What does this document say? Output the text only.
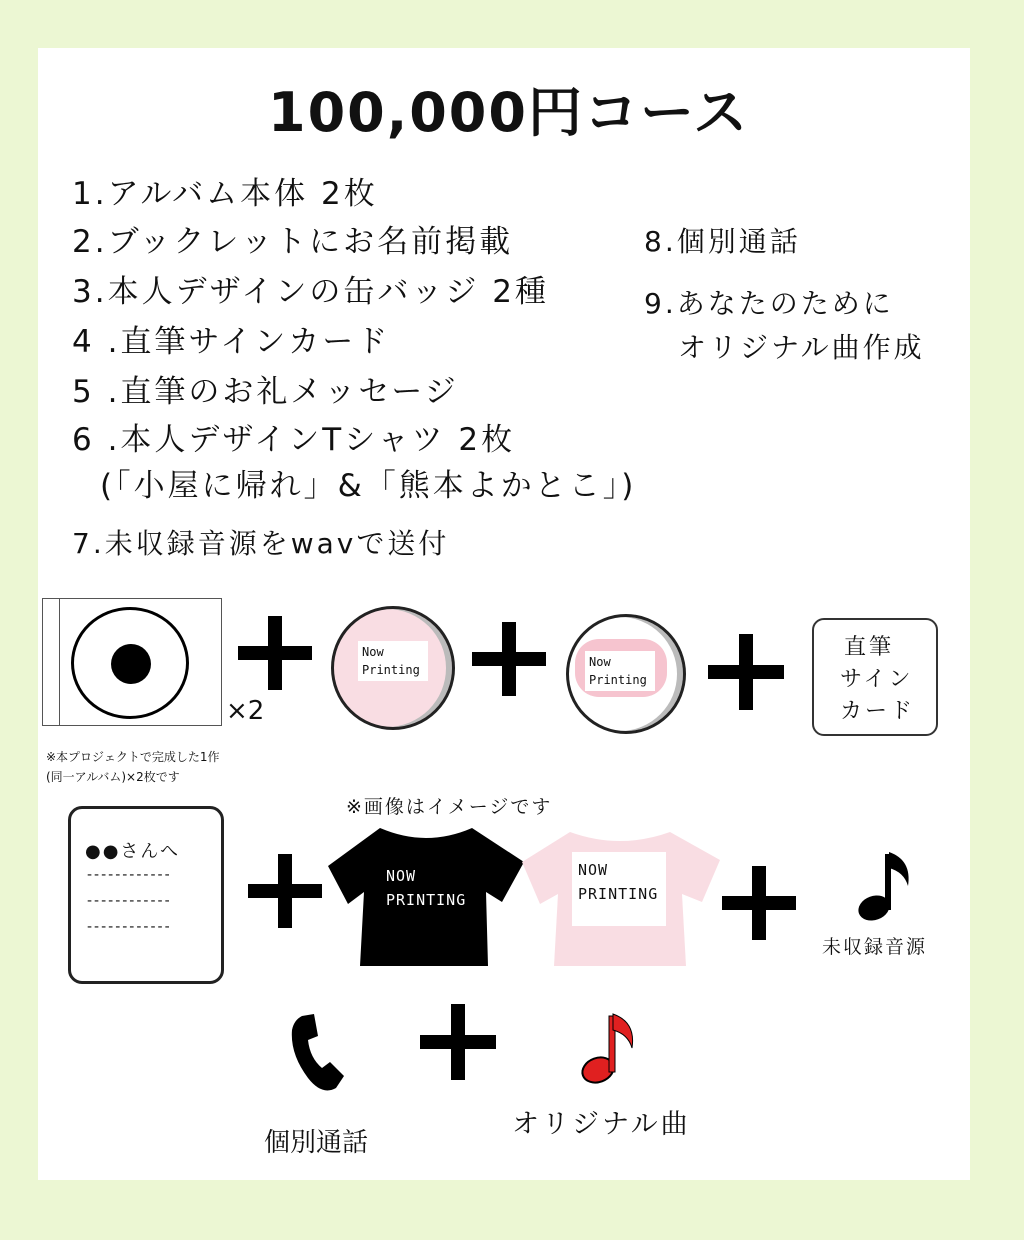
100,000円コース
1.アルバム本体 2枚
2.ブックレットにお名前掲載
3.本人デザインの缶バッジ 2種
4 .直筆サインカード
5 .直筆のお礼メッセージ
6 .本人デザインTシャツ 2枚
(「小屋に帰れ」&「熊本よかとこ」)
7.未収録音源をwavで送付
8.個別通話
9.あなたのために
オリジナル曲作成
×2
※本プロジェクトで完成した1作
(同一アルバム)×2枚です
Now
Printing
Now
Printing
直筆
サイン
カード
※画像はイメージです
●●さんへ
------------
------------
------------
NOW
PRINTING
NOW
PRINTING
未収録音源
個別通話
オリジナル曲
